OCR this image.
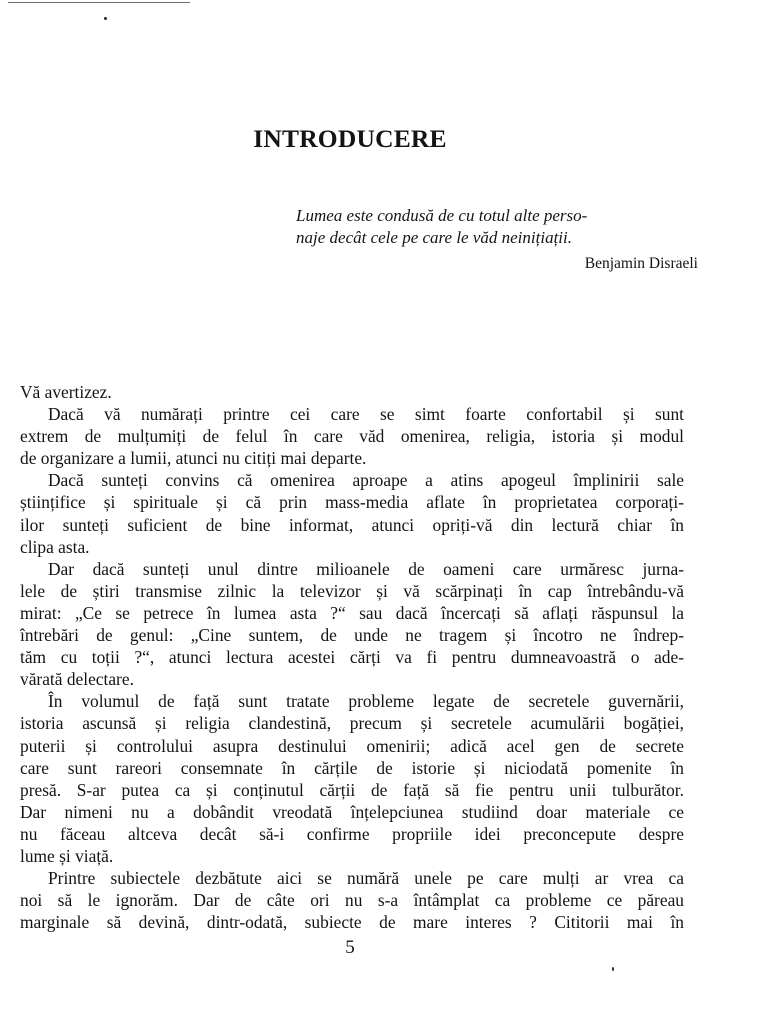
INTRODUCERE
Lumea este condusă de cu totul alte perso-
naje decât cele pe care le văd neinițiații.
Benjamin Disraeli
Vă avertizez.
Dacă vă numărați printre cei care se simt foarte confortabil și sunt
extrem de mulțumiți de felul în care văd omenirea, religia, istoria și modul
de organizare a lumii, atunci nu citiți mai departe.
Dacă sunteți convins că omenirea aproape a atins apogeul împlinirii sale
științifice și spirituale și că prin mass-media aflate în proprietatea corporați-
ilor sunteți suficient de bine informat, atunci opriți-vă din lectură chiar în
clipa asta.
Dar dacă sunteți unul dintre milioanele de oameni care urmăresc jurna-
lele de știri transmise zilnic la televizor și vă scărpinați în cap întrebându-vă
mirat: „Ce se petrece în lumea asta ?“ sau dacă încercați să aflați răspunsul la
întrebări de genul: „Cine suntem, de unde ne tragem și încotro ne îndrep-
tăm cu toții ?“, atunci lectura acestei cărți va fi pentru dumneavoastră o ade-
vărată delectare.
În volumul de față sunt tratate probleme legate de secretele guvernării,
istoria ascunsă și religia clandestină, precum și secretele acumulării bogăției,
puterii și controlului asupra destinului omenirii; adică acel gen de secrete
care sunt rareori consemnate în cărțile de istorie și niciodată pomenite în
presă. S-ar putea ca și conținutul cărții de față să fie pentru unii tulburător.
Dar nimeni nu a dobândit vreodată înțelepciunea studiind doar materiale ce
nu făceau altceva decât să-i confirme propriile idei preconcepute despre
lume și viață.
Printre subiectele dezbătute aici se numără unele pe care mulți ar vrea ca
noi să le ignorăm. Dar de câte ori nu s-a întâmplat ca probleme ce păreau
marginale să devină, dintr-odată, subiecte de mare interes ? Cititorii mai în
5
